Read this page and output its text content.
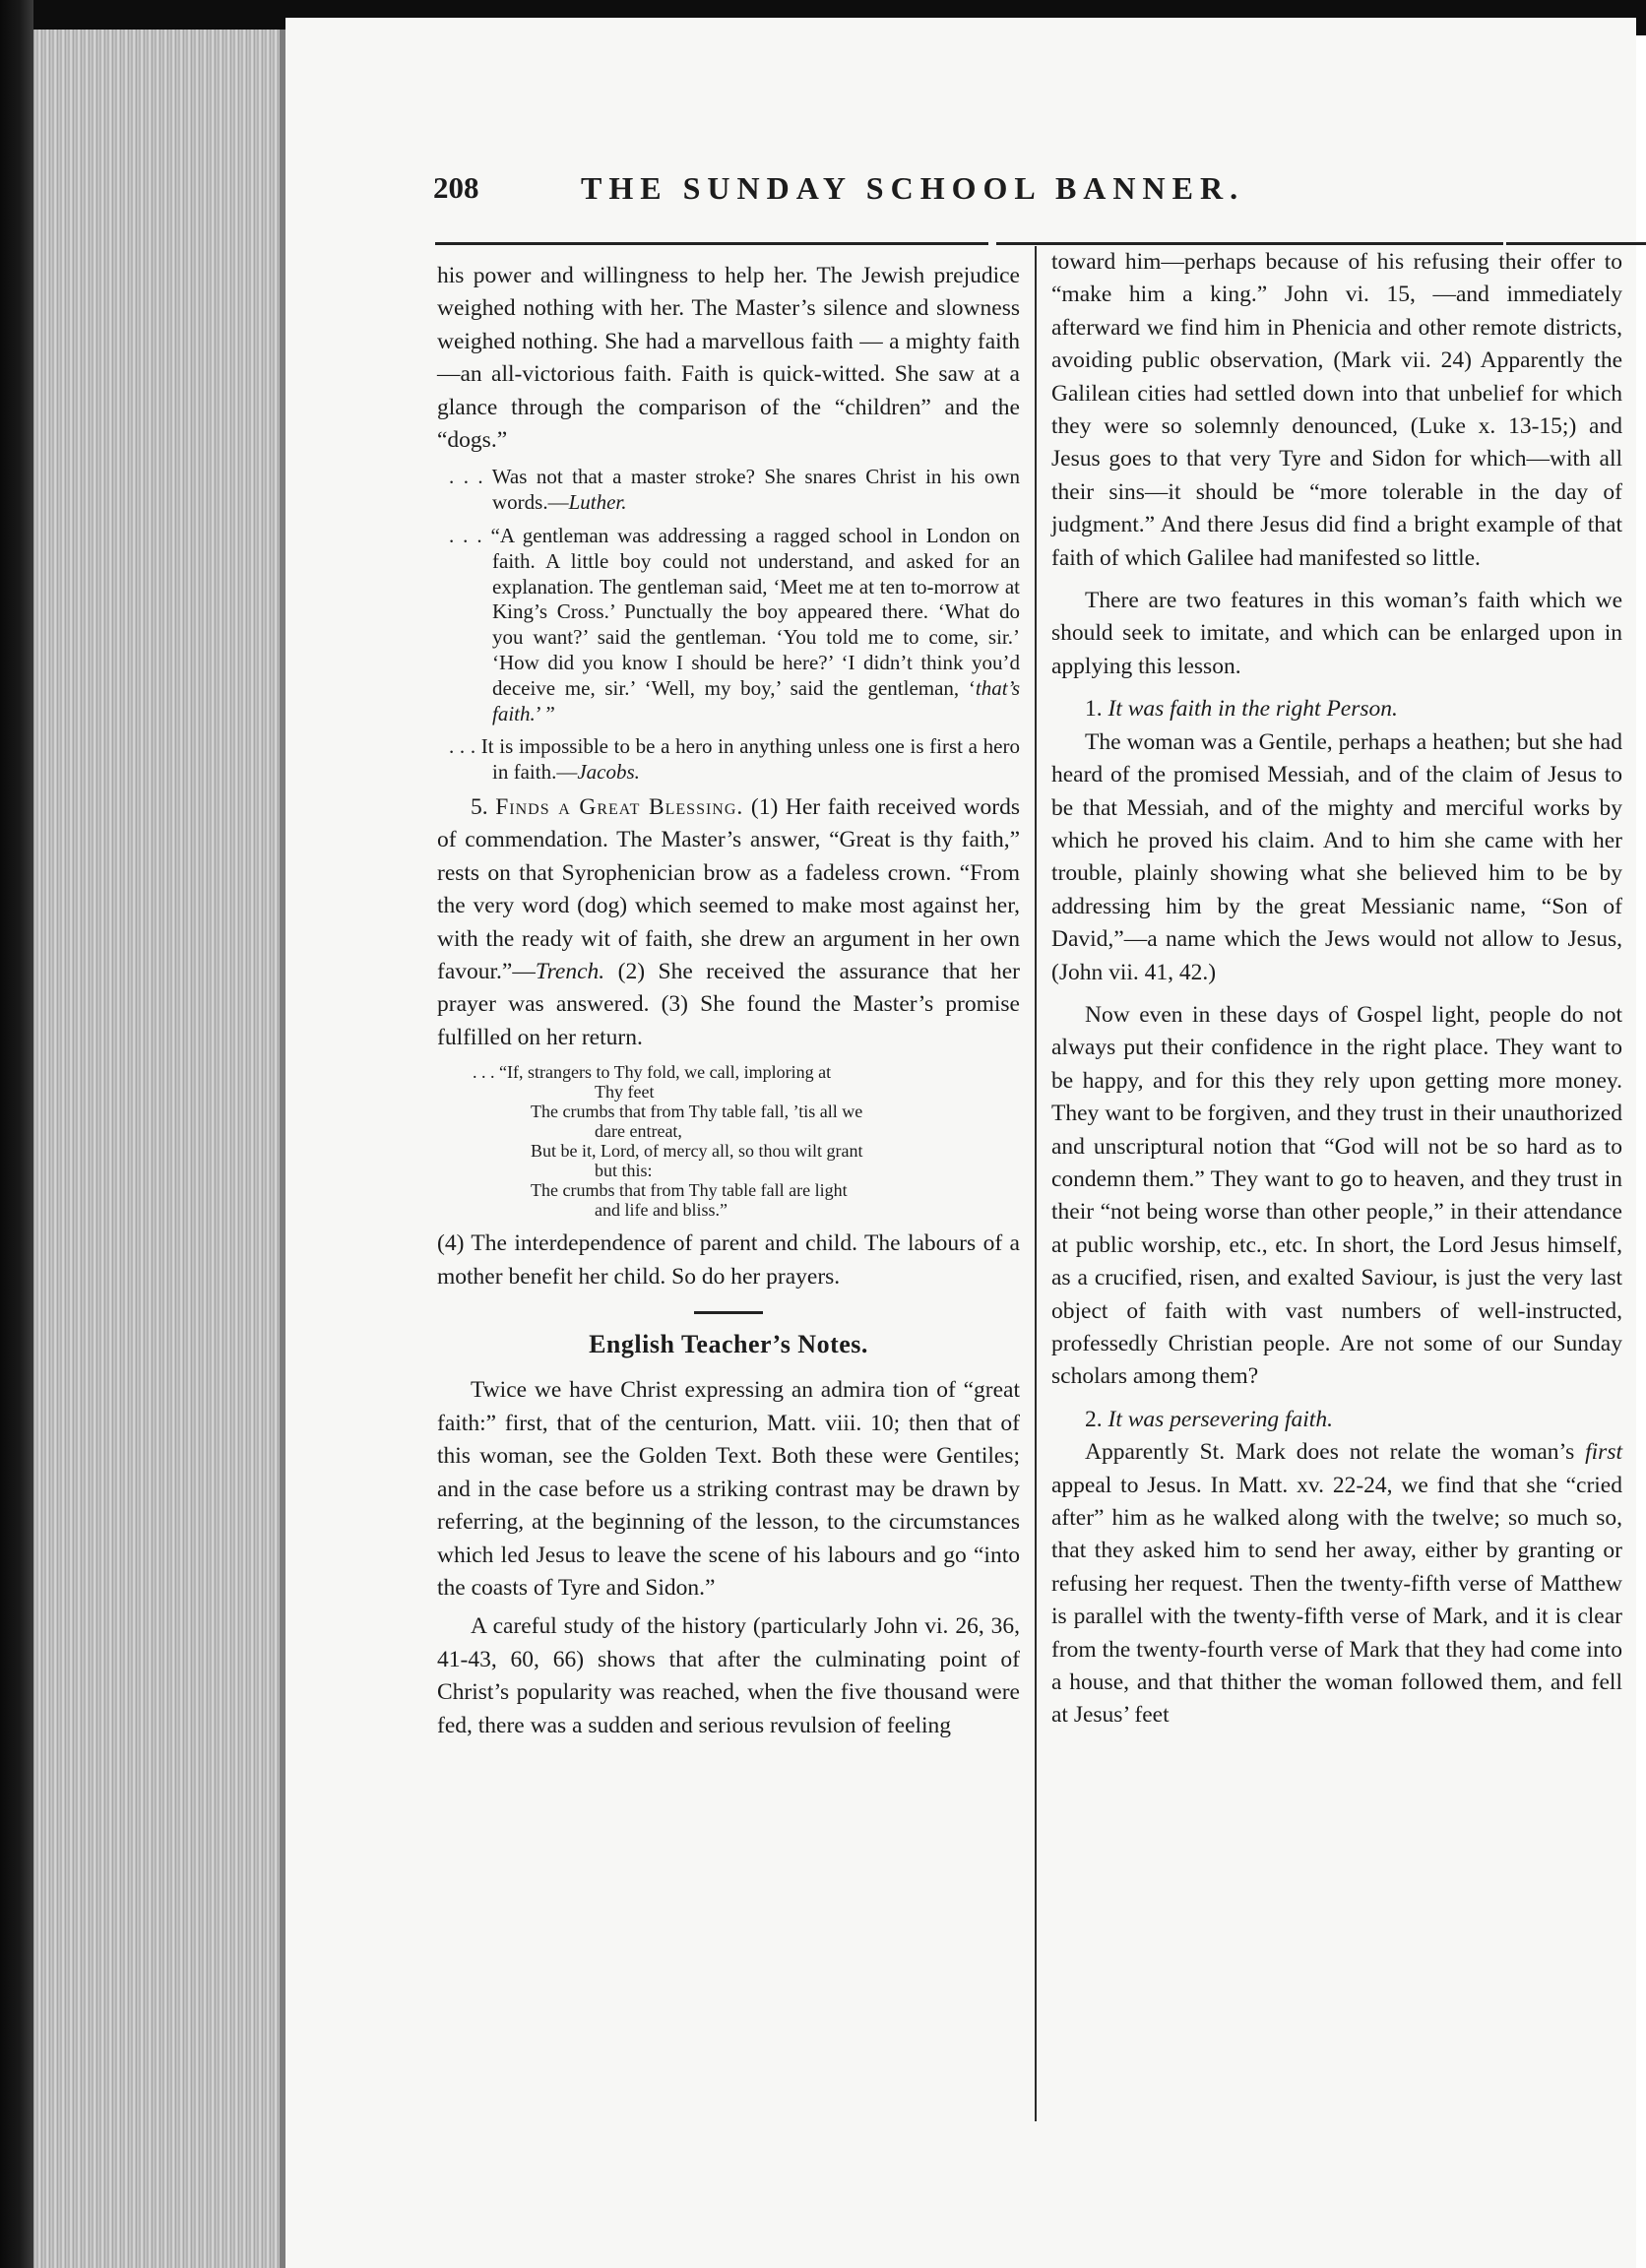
208	THE SUNDAY SCHOOL BANNER.

his power and willingness to help her. The Jewish prejudice weighed nothing with her. The Master’s silence and slowness weighed nothing. She had a marvellous faith — a mighty faith—an all-victorious faith. Faith is quick-witted. She saw at a glance through the comparison of the “children” and the “dogs.”

. . . Was not that a master stroke? She snares Christ in his own words.—Luther.
. . . “A gentleman was addressing a ragged school in London on faith. A little boy could not understand, and asked for an explanation. The gentleman said, ‘Meet me at ten to-morrow at King’s Cross.’ Punctually the boy appeared there. ‘What do you want?’ said the gentleman. ‘You told me to come, sir.’ ‘How did you know I should be here?’ ‘I didn’t think you’d deceive me, sir.’ ‘Well, my boy,’ said the gentleman, ‘that’s faith.’ ”
. . . It is impossible to be a hero in anything unless one is first a hero in faith.—Jacobs.

5. Finds a Great Blessing. (1) Her faith received words of commendation. The Master’s answer, “Great is thy faith,” rests on that Syrophenician brow as a fadeless crown. “From the very word (dog) which seemed to make most against her, with the ready wit of faith, she drew an argument in her own favour.”—Trench. (2) She received the assurance that her prayer was answered. (3) She found the Master’s promise fulfilled on her return.

. . . “If, strangers to Thy fold, we call, imploring at
Thy feet
The crumbs that from Thy table fall, ’tis all we
dare entreat,
But be it, Lord, of mercy all, so thou wilt grant
but this:
The crumbs that from Thy table fall are light
and life and bliss.”

(4) The interdependence of parent and child. The labours of a mother benefit her child. So do her prayers.

English Teacher’s Notes.

Twice we have Christ expressing an admira tion of “great faith:” first, that of the centurion, Matt. viii. 10; then that of this woman, see the Golden Text. Both these were Gentiles; and in the case before us a striking contrast may be drawn by referring, at the beginning of the lesson, to the circumstances which led Jesus to leave the scene of his labours and go “into the coasts of Tyre and Sidon.”

A careful study of the history (particularly John vi. 26, 36, 41-43, 60, 66) shows that after the culminating point of Christ’s popularity was reached, when the five thousand were fed, there was a sudden and serious revulsion of feeling

toward him—perhaps because of his refusing their offer to “make him a king.” John vi. 15, —and immediately afterward we find him in Phenicia and other remote districts, avoiding public observation, (Mark vii. 24) Apparently the Galilean cities had settled down into that unbelief for which they were so solemnly denounced, (Luke x. 13-15;) and Jesus goes to that very Tyre and Sidon for which—with all their sins—it should be “more tolerable in the day of judgment.” And there Jesus did find a bright example of that faith of which Galilee had manifested so little.

There are two features in this woman’s faith which we should seek to imitate, and which can be enlarged upon in applying this lesson.

1. It was faith in the right Person.

The woman was a Gentile, perhaps a heathen; but she had heard of the promised Messiah, and of the claim of Jesus to be that Messiah, and of the mighty and merciful works by which he proved his claim. And to him she came with her trouble, plainly showing what she believed him to be by addressing him by the great Messianic name, “Son of David,”—a name which the Jews would not allow to Jesus, (John vii. 41, 42.)

Now even in these days of Gospel light, people do not always put their confidence in the right place. They want to be happy, and for this they rely upon getting more money. They want to be forgiven, and they trust in their unauthorized and unscriptural notion that “God will not be so hard as to condemn them.” They want to go to heaven, and they trust in their “not being worse than other people,” in their attendance at public worship, etc., etc. In short, the Lord Jesus himself, as a crucified, risen, and exalted Saviour, is just the very last object of faith with vast numbers of well-instructed, professedly Christian people. Are not some of our Sunday scholars among them?

2. It was persevering faith.

Apparently St. Mark does not relate the woman’s first appeal to Jesus. In Matt. xv. 22-24, we find that she “cried after” him as he walked along with the twelve; so much so, that they asked him to send her away, either by granting or refusing her request. Then the twenty-fifth verse of Matthew is parallel with the twenty-fifth verse of Mark, and it is clear from the twenty-fourth verse of Mark that they had come into a house, and that thither the woman followed them, and fell at Jesus’ feet
